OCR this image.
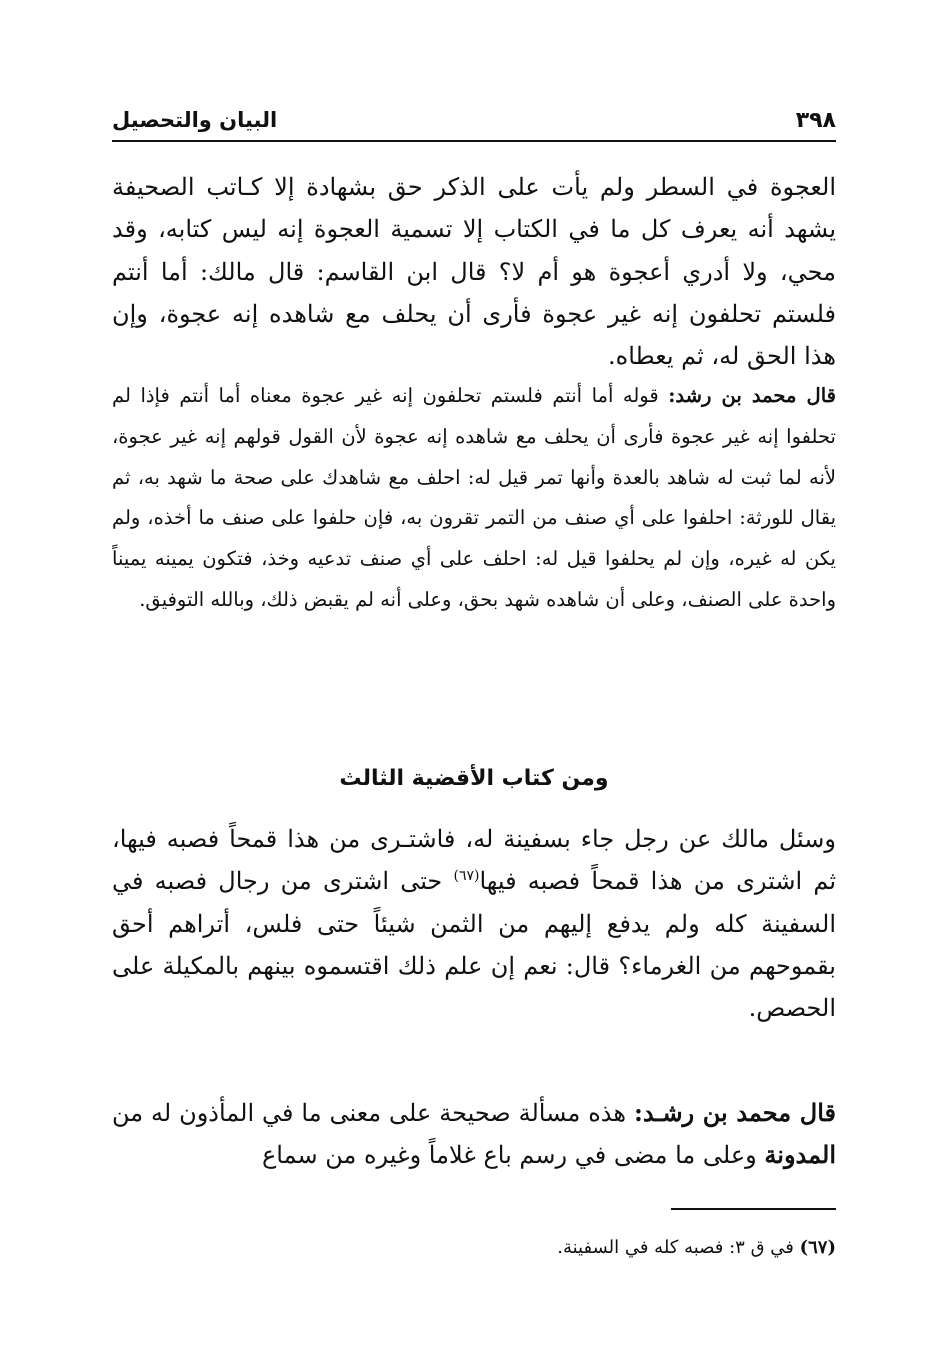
٣٩٨
البيان والتحصيل

العجوة في السطر ولم يأت على الذكر حق بشهادة إلا كـاتب الصحيفة يشهد أنه يعرف كل ما في الكتاب إلا تسمية العجوة إنه ليس كتابه، وقد محي، ولا أدري أعجوة هو أم لا؟ قال ابن القاسم: قال مالك: أما أنتم فلستم تحلفون إنه غير عجوة فأرى أن يحلف مع شاهده إنه عجوة، وإن هذا الحق له، ثم يعطاه.

قال محمد بن رشد: قوله أما أنتم فلستم تحلفون إنه غير عجوة معناه أما أنتم فإذا لم تحلفوا إنه غير عجوة فأرى أن يحلف مع شاهده إنه عجوة لأن القول قولهم إنه غير عجوة، لأنه لما ثبت له شاهد بالعدة وأنها تمر قيل له: احلف مع شاهدك على صحة ما شهد به، ثم يقال للورثة: احلفوا على أي صنف من التمر تقرون به، فإن حلفوا على صنف ما أخذه، ولم يكن له غيره، وإن لم يحلفوا قيل له: احلف على أي صنف تدعيه وخذ، فتكون يمينه يميناً واحدة على الصنف، وعلى أن شاهده شهد بحق، وعلى أنه لم يقبض ذلك، وبالله التوفيق.

ومن كتاب الأقضية الثالث

وسئل مالك عن رجل جاء بسفينة له، فاشتـرى من هذا قمحاً فصبه فيها، ثم اشترى من هذا قمحاً فصبه فيها$^{(٦٧)}$ حتى اشترى من رجال فصبه في السفينة كله ولم يدفع إليهم من الثمن شيئاً حتى فلس، أتراهم أحق بقموحهم من الغرماء؟ قال: نعم إن علم ذلك اقتسموه بينهم بالمكيلة على الحصص.

قال محمد بن رشـد: هذه مسألة صحيحة على معنى ما في المأذون له من المدونة وعلى ما مضى في رسم باع غلاماً وغيره من سماع

(٦٧) في ق ٣: فصبه كله في السفينة.
